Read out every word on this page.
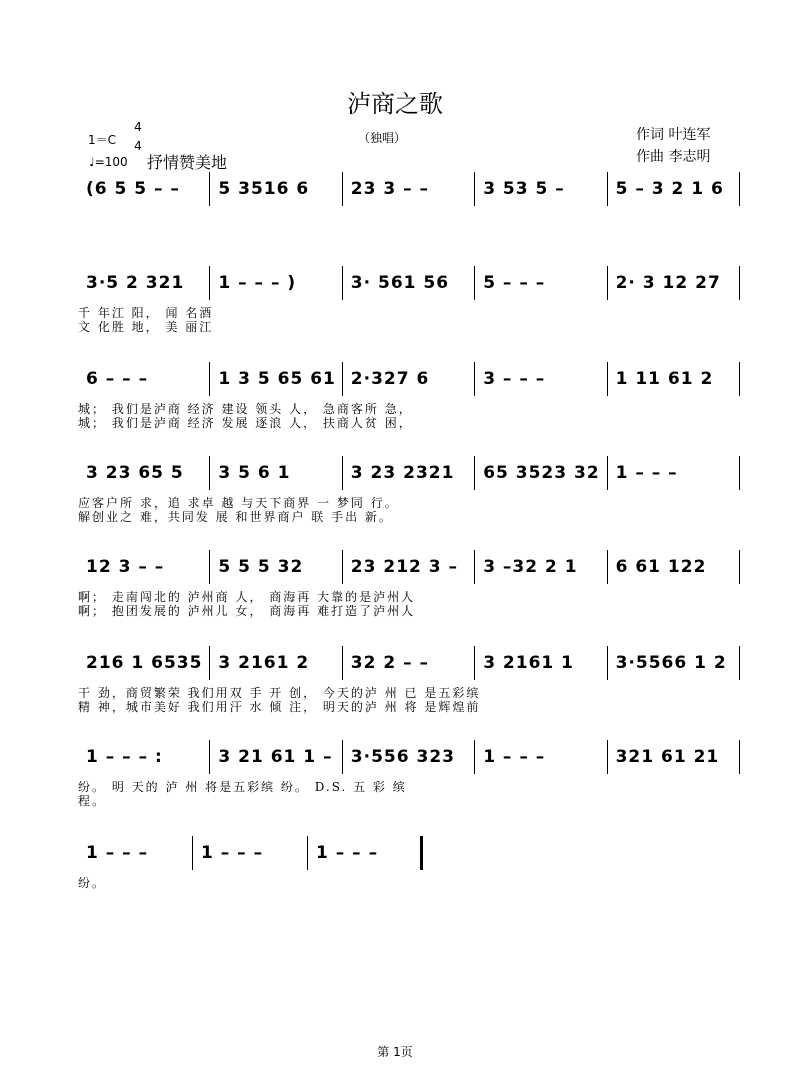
泸商之歌
（独唱）	作词 叶连军
作曲 李志明
1＝C
4
4
♩=100 抒情赞美地
(6 5 5 – –	5 3516 6	23 3 – –	3 53 5 –	5 – 3 2 1 6
3·5 2 321	1 – – – )	3· 561 56	5 – – –	2· 3 12 27
千 年江 阳， 闻 名酒
文 化胜 地， 美 丽江
6 – – –	1 3 5 65 61 2·327 6	3 – – –	1 11 61 2
城； 我们是泸商 经济 建设 领头 人， 急商客所 急，
城； 我们是泸商 经济 发展 逐浪 人， 扶商人贫 困，
3 23 65 5	3 5 6 1	3 23 2321	65 3523 32 1 – – –
应客户所 求，追 求卓 越 与天下商界 一 梦同 行。
解创业之 难，共同发 展 和世界商户 联 手出 新。
12 3 – –	5 5 5 32	23 212 3 –	3 –32 2 1	6 61 122
啊； 走南闯北的 泸州商 人， 商海再 大靠的是泸州人
啊； 抱团发展的 泸州儿 女， 商海再 难打造了泸州人
216 1 6535 3 2161 2	32 2 – –	3 2161 1	3·5566 1 2
干 劲，商贸繁荣 我们用双 手 开 创， 今天的泸 州 已 是五彩缤
精 神，城市美好 我们用汗 水 倾 注， 明天的泸 州 将 是辉煌前
1 – – – :	3 21 61 1 –	3·556 323	1 – – –	321 61 21
纷。 明 天的 泸 州 将是五彩缤 纷。 D.S. 五 彩 缤
程。
1 – – –	1 – – –	1 – – –
纷。
第 1页
